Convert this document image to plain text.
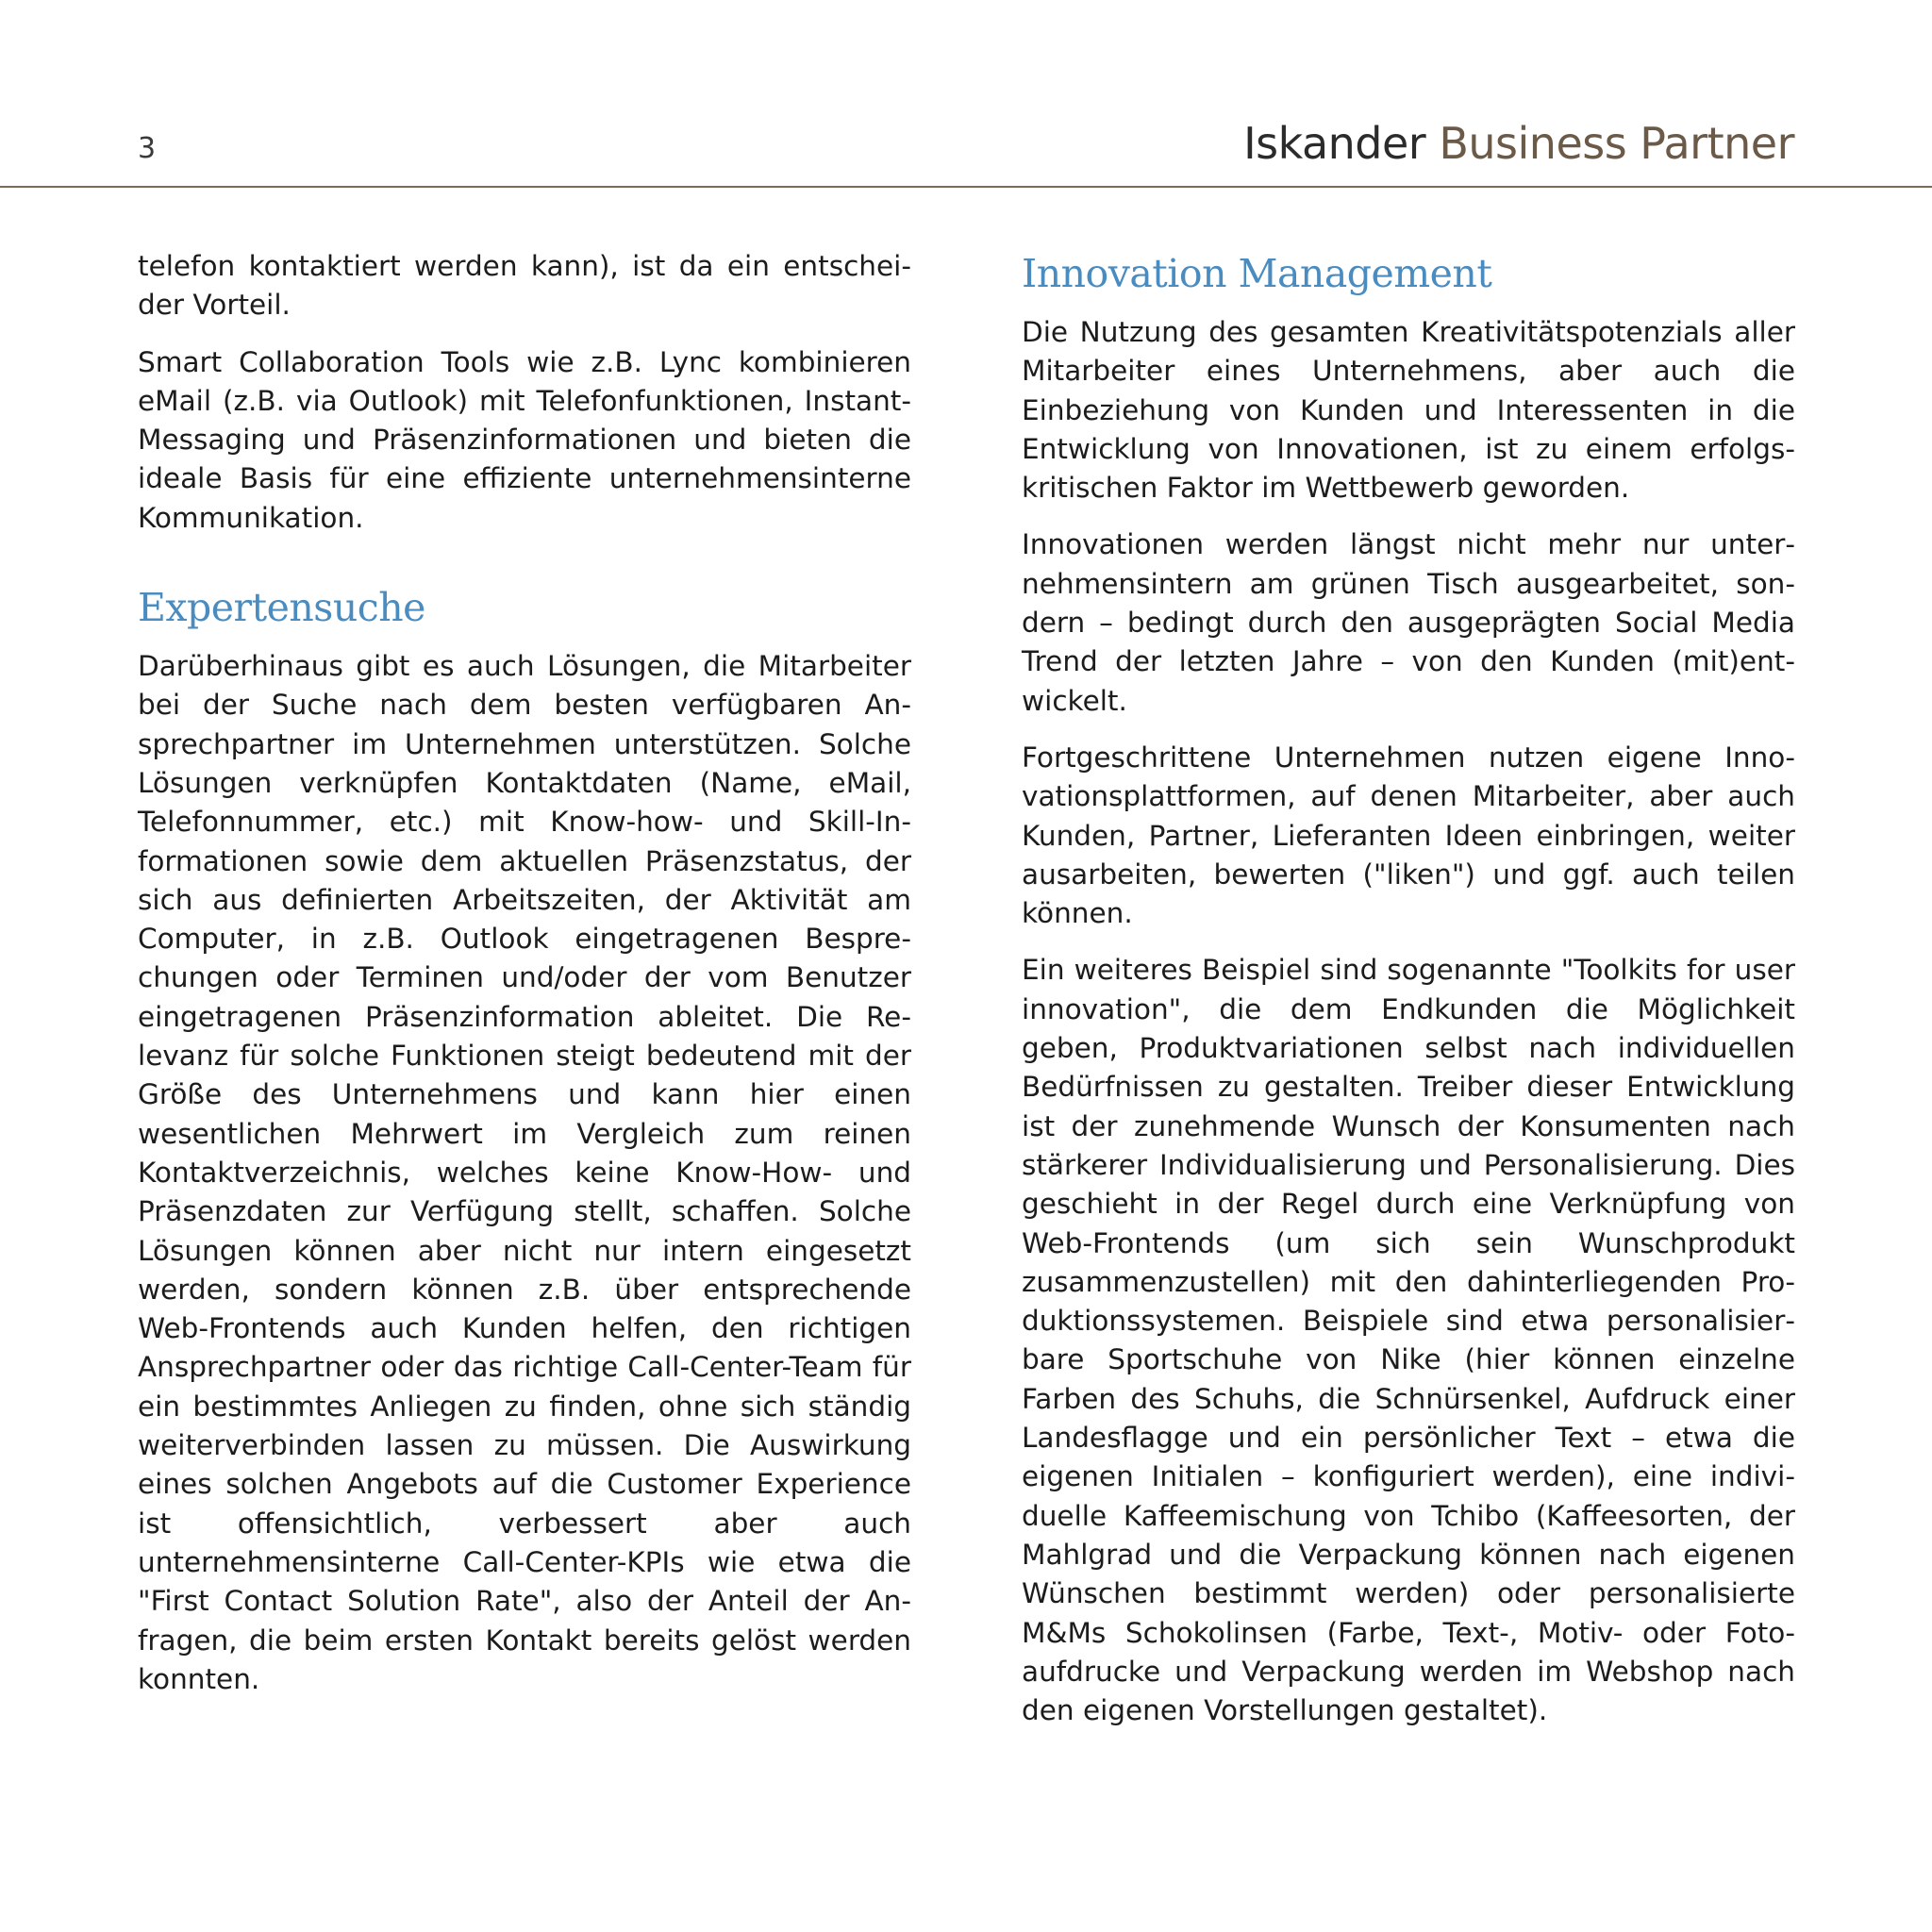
3	Iskander Business Partner

telefon kontaktiert werden kann), ist da ein entscheider Vorteil.

Smart Collaboration Tools wie z.B. Lync kombinieren eMail (z.B. via Outlook) mit Telefonfunktionen, Instant-Messaging und Präsenzinformationen und bieten die ideale Basis für eine effiziente unternehmensinterne Kommunikation.

Expertensuche

Darüberhinaus gibt es auch Lösungen, die Mitarbeiter bei der Suche nach dem besten verfügbaren Ansprechpartner im Unternehmen unterstützen. Solche Lösungen verknüpfen Kontaktdaten (Name, eMail, Telefonnummer, etc.) mit Know-how- und Skill-Informationen sowie dem aktuellen Präsenzstatus, der sich aus definierten Arbeitszeiten, der Aktivität am Computer, in z.B. Outlook eingetragenen Besprechungen oder Terminen und/oder der vom Benutzer eingetragenen Präsenzinformation ableitet. Die Relevanz für solche Funktionen steigt bedeutend mit der Größe des Unternehmens und kann hier einen wesentlichen Mehrwert im Vergleich zum reinen Kontaktverzeichnis, welches keine Know-How- und Präsenzdaten zur Verfügung stellt, schaffen. Solche Lösungen können aber nicht nur intern eingesetzt werden, sondern können z.B. über entsprechende Web-Frontends auch Kunden helfen, den richtigen Ansprechpartner oder das richtige Call-Center-Team für ein bestimmtes Anliegen zu finden, ohne sich ständig weiterverbinden lassen zu müssen. Die Auswirkung eines solchen Angebots auf die Customer Experience ist offensichtlich, verbessert aber auch unternehmensinterne Call-Center-KPIs wie etwa die "First Contact Solution Rate", also der Anteil der Anfragen, die beim ersten Kontakt bereits gelöst werden konnten.

Innovation Management

Die Nutzung des gesamten Kreativitätspotenzials aller Mitarbeiter eines Unternehmens, aber auch die Einbeziehung von Kunden und Interessenten in die Entwicklung von Innovationen, ist zu einem erfolgskritischen Faktor im Wettbewerb geworden.

Innovationen werden längst nicht mehr nur unternehmensintern am grünen Tisch ausgearbeitet, sondern – bedingt durch den ausgeprägten Social Media Trend der letzten Jahre – von den Kunden (mit)entwickelt.

Fortgeschrittene Unternehmen nutzen eigene Innovationsplattformen, auf denen Mitarbeiter, aber auch Kunden, Partner, Lieferanten Ideen einbringen, weiter ausarbeiten, bewerten ("liken") und ggf. auch teilen können.

Ein weiteres Beispiel sind sogenannte "Toolkits for user innovation", die dem Endkunden die Möglichkeit geben, Produktvariationen selbst nach individuellen Bedürfnissen zu gestalten. Treiber dieser Entwicklung ist der zunehmende Wunsch der Konsumenten nach stärkerer Individualisierung und Personalisierung. Dies geschieht in der Regel durch eine Verknüpfung von Web-Frontends (um sich sein Wunschprodukt zusammenzustellen) mit den dahinterliegenden Produktionssystemen. Beispiele sind etwa personalisierbare Sportschuhe von Nike (hier können einzelne Farben des Schuhs, die Schnürsenkel, Aufdruck einer Landesflagge und ein persönlicher Text – etwa die eigenen Initialen – konfiguriert werden), eine individuelle Kaffeemischung von Tchibo (Kaffeesorten, der Mahlgrad und die Verpackung können nach eigenen Wünschen bestimmt werden) oder personalisierte M&Ms Schokolinsen (Farbe, Text-, Motiv- oder Fotoaufdrucke und Verpackung werden im Webshop nach den eigenen Vorstellungen gestaltet).
